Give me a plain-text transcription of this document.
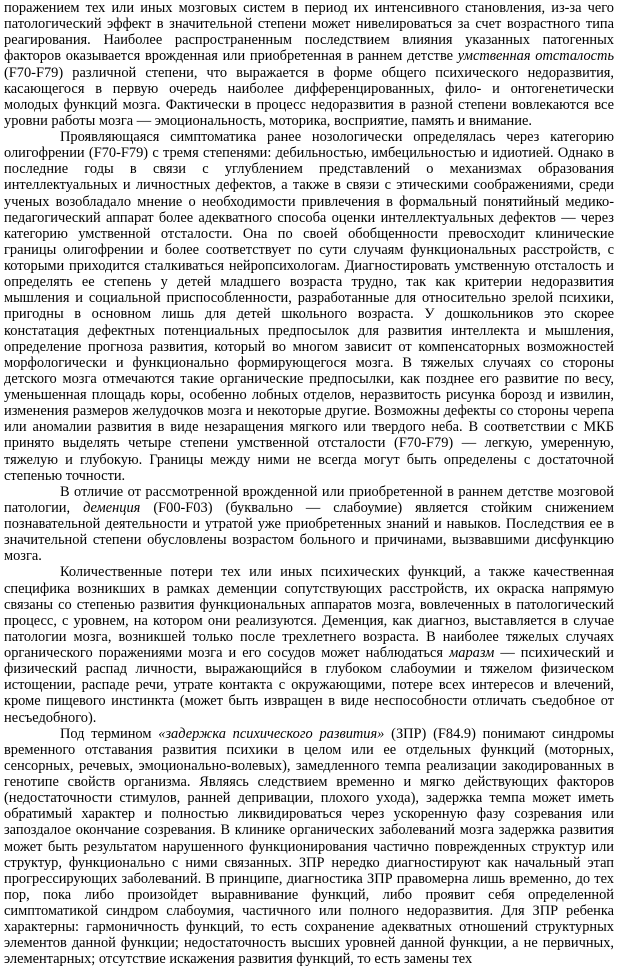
поражением тех или иных мозговых систем в период их интенсивного становления, из-за чего патологический эффект в значительной степени может нивелироваться за счет возрастного типа реагирования. Наиболее распространенным последствием влияния указанных патогенных факторов оказывается врожденная или приобретенная в раннем детстве умственная отсталость (F70-F79) различной степени, что выражается в форме общего психического недоразвития, касающегося в первую очередь наиболее дифференцированных, фило- и онтогенетически молодых функций мозга. Фактически в процесс недоразвития в разной степени вовлекаются все уровни работы мозга — эмоциональность, моторика, восприятие, память и внимание.

Проявляющаяся симптоматика ранее нозологически определялась через категорию олигофрении (F70-F79) с тремя степенями: дебильностью, имбецильностью и идиотией. Однако в последние годы в связи с углублением представлений о механизмах образования интеллектуальных и личностных дефектов, а также в связи с этическими соображениями, среди ученых возобладало мнение о необходимости привлечения в формальный понятийный медико-педагогический аппарат более адекватного способа оценки интеллектуальных дефектов — через категорию умственной отсталости. Она по своей обобщенности превосходит клинические границы олигофрении и более соответствует по сути случаям функциональных расстройств, с которыми приходится сталкиваться нейропсихологам. Диагностировать умственную отсталость и определять ее степень у детей младшего возраста трудно, так как критерии недоразвития мышления и социальной приспособленности, разработанные для относительно зрелой психики, пригодны в основном лишь для детей школьного возраста. У дошкольников это скорее констатация дефектных потенциальных предпосылок для развития интеллекта и мышления, определение прогноза развития, который во многом зависит от компенсаторных возможностей морфологически и функционально формирующегося мозга. В тяжелых случаях со стороны детского мозга отмечаются такие органические предпосылки, как позднее его развитие по весу, уменьшенная площадь коры, особенно лобных отделов, неразвитость рисунка борозд и извилин, изменения размеров желудочков мозга и некоторые другие. Возможны дефекты со стороны черепа или аномалии развития в виде незаращения мягкого или твердого неба. В соответствии с МКБ принято выделять четыре степени умственной отсталости (F70-F79) — легкую, умеренную, тяжелую и глубокую. Границы между ними не всегда могут быть определены с достаточной степенью точности.

В отличие от рассмотренной врожденной или приобретенной в раннем детстве мозговой патологии, деменция (F00-F03) (буквально — слабоумие) является стойким снижением познавательной деятельности и утратой уже приобретенных знаний и навыков. Последствия ее в значительной степени обусловлены возрастом больного и причинами, вызвавшими дисфункцию мозга.

Количественные потери тех или иных психических функций, а также качественная специфика возникших в рамках деменции сопутствующих расстройств, их окраска напрямую связаны со степенью развития функциональных аппаратов мозга, вовлеченных в патологический процесс, с уровнем, на котором они реализуются. Деменция, как диагноз, выставляется в случае патологии мозга, возникшей только после трехлетнего возраста. В наиболее тяжелых случаях органического поражениями мозга и его сосудов может наблюдаться маразм — психический и физический распад личности, выражающийся в глубоком слабоумии и тяжелом физическом истощении, распаде речи, утрате контакта с окружающими, потере всех интересов и влечений, кроме пищевого инстинкта (может быть извращен в виде неспособности отличать съедобное от несъедобного).

Под термином «задержка психического развития» (ЗПР) (F84.9) понимают синдромы временного отставания развития психики в целом или ее отдельных функций (моторных, сенсорных, речевых, эмоционально-волевых), замедленного темпа реализации закодированных в генотипе свойств организма. Являясь следствием временно и мягко действующих факторов (недостаточности стимулов, ранней депривации, плохого ухода), задержка темпа может иметь обратимый характер и полностью ликвидироваться через ускоренную фазу созревания или запоздалое окончание созревания. В клинике органических заболеваний мозга задержка развития может быть результатом нарушенного функционирования частично поврежденных структур или структур, функционально с ними связанных. ЗПР нередко диагностируют как начальный этап прогрессирующих заболеваний. В принципе, диагностика ЗПР правомерна лишь временно, до тех пор, пока либо произойдет выравнивание функций, либо проявит себя определенной симптоматикой синдром слабоумия, частичного или полного недоразвития. Для ЗПР ребенка характерны: гармоничность функций, то есть сохранение адекватных отношений структурных элементов данной функции; недостаточность высших уровней данной функции, а не первичных, элементарных; отсутствие искажения развития функций, то есть замены тех
